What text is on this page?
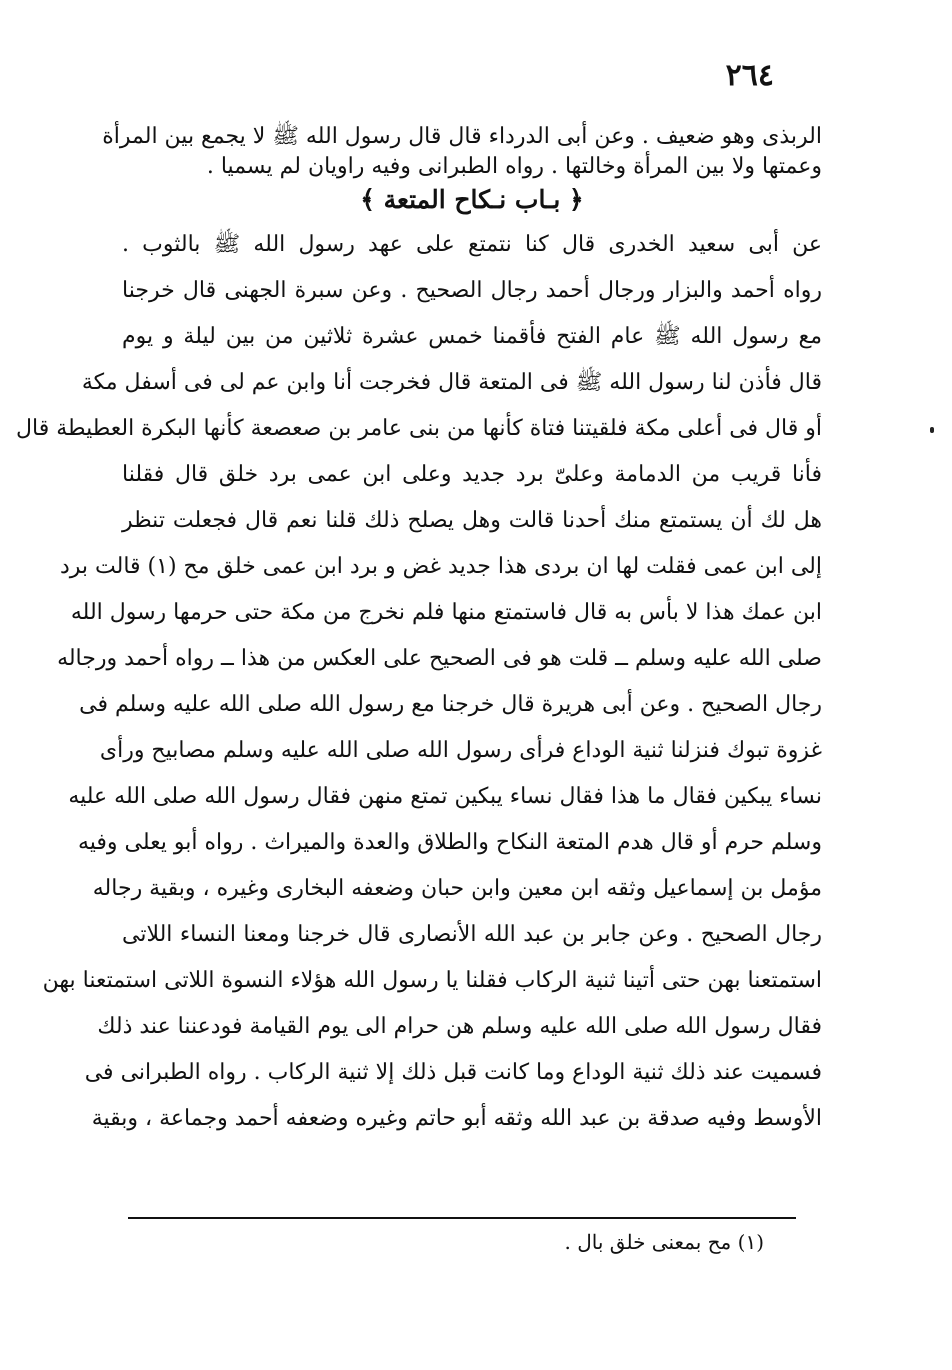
٢٦٤
الربذى وهو ضعيف . وعن أبى الدرداء قال قال رسول الله ﷺ لا يجمع بين المرأة
وعمتها ولا بين المرأة وخالتها . رواه الطبرانى وفيه راويان لم يسميا .
﴿ بـاب نـكاح المتعة ﴾
عن أبى سعيد الخدرى قال كنا نتمتع على عهد رسول الله ﷺ بالثوب .
رواه أحمد والبزار ورجال أحمد رجال الصحيح . وعن سبرة الجهنى قال خرجنا
مع رسول الله ﷺ عام الفتح فأقمنا خمس عشرة ثلاثين من بين ليلة و يوم
قال فأذن لنا رسول الله ﷺ فى المتعة قال فخرجت أنا وابن عم لى فى أسفل مكة
أو قال فى أعلى مكة فلقيتنا فتاة كأنها من بنى عامر بن صعصعة كأنها البكرة العطيطة قال
فأنا قريب من الدمامة وعلىّ برد جديد وعلى ابن عمى برد خلق قال فقلنا
هل لك أن يستمتع منك أحدنا قالت وهل يصلح ذلك قلنا نعم قال فجعلت تنظر
إلى ابن عمى فقلت لها ان بردى هذا جديد غض و برد ابن عمى خلق مح (١) قالت برد
ابن عمك هذا لا بأس به قال فاستمتع منها فلم نخرج من مكة حتى حرمها رسول الله
صلى الله عليه وسلم ــ قلت هو فى الصحيح على العكس من هذا ــ رواه أحمد ورجاله
رجال الصحيح . وعن أبى هريرة قال خرجنا مع رسول الله صلى الله عليه وسلم فى
غزوة تبوك فنزلنا ثنية الوداع فرأى رسول الله صلى الله عليه وسلم مصابيح ورأى
نساء يبكين فقال ما هذا فقال نساء يبكين تمتع منهن فقال رسول الله صلى الله عليه
وسلم حرم أو قال هدم المتعة النكاح والطلاق والعدة والميراث . رواه أبو يعلى وفيه
مؤمل بن إسماعيل وثقه ابن معين وابن حبان وضعفه البخارى وغيره ، وبقية رجاله
رجال الصحيح . وعن جابر بن عبد الله الأنصارى قال خرجنا ومعنا النساء اللاتى
استمتعنا بهن حتى أتينا ثنية الركاب فقلنا يا رسول الله هؤلاء النسوة اللاتى استمتعنا بهن
فقال رسول الله صلى الله عليه وسلم هن حرام الى يوم القيامة فودعننا عند ذلك
فسميت عند ذلك ثنية الوداع وما كانت قبل ذلك إلا ثنية الركاب . رواه الطبرانى فى
الأوسط وفيه صدقة بن عبد الله وثقه أبو حاتم وغيره وضعفه أحمد وجماعة ، وبقية
(١) مح بمعنى خلق بال .
